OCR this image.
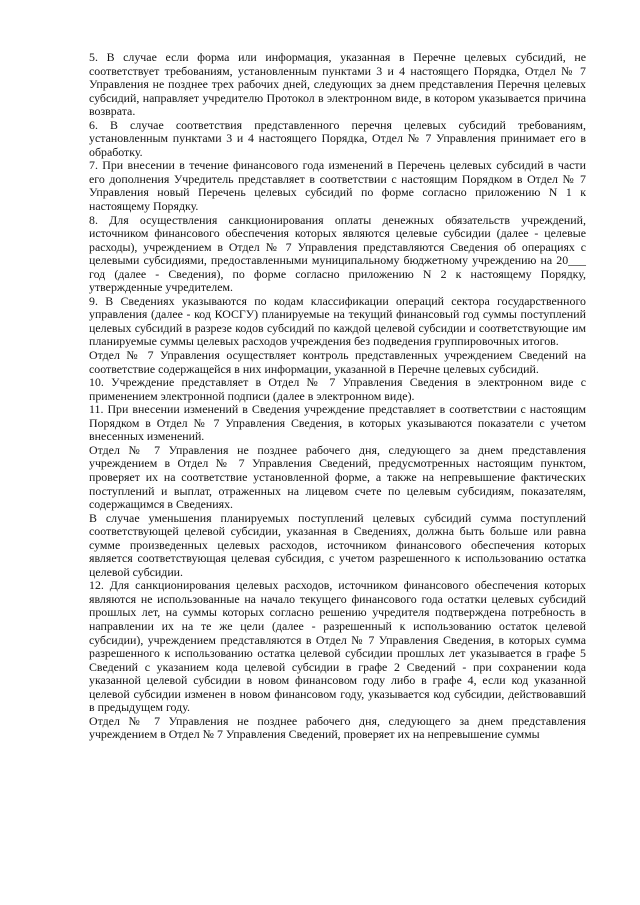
5. В случае если форма или информация, указанная в Перечне целевых субсидий, не соответствует требованиям, установленным пунктами 3 и 4 настоящего Порядка, Отдел № 7 Управления не позднее трех рабочих дней, следующих за днем представления Перечня целевых субсидий, направляет учредителю Протокол в электронном виде, в котором указывается причина возврата.

6. В случае соответствия представленного перечня целевых субсидий требованиям, установленным пунктами 3 и 4 настоящего Порядка, Отдел № 7 Управления принимает его в обработку.

7. При внесении в течение финансового года изменений в Перечень целевых субсидий в части его дополнения Учредитель представляет в соответствии с настоящим Порядком в Отдел № 7 Управления новый Перечень целевых субсидий по форме согласно приложению N 1 к настоящему Порядку.

8. Для осуществления санкционирования оплаты денежных обязательств учреждений, источником финансового обеспечения которых являются целевые субсидии (далее - целевые расходы), учреждением в Отдел № 7 Управления представляются Сведения об операциях с целевыми субсидиями, предоставленными муниципальному бюджетному учреждению на 20___ год (далее - Сведения), по форме согласно приложению N 2 к настоящему Порядку, утвержденные учредителем.

9. В Сведениях указываются по кодам классификации операций сектора государственного управления (далее - код КОСГУ) планируемые на текущий финансовый год суммы поступлений целевых субсидий в разрезе кодов субсидий по каждой целевой субсидии и соответствующие им планируемые суммы целевых расходов учреждения без подведения группировочных итогов.

Отдел № 7 Управления осуществляет контроль представленных учреждением Сведений на соответствие содержащейся в них информации, указанной в Перечне целевых субсидий.

10. Учреждение представляет в Отдел № 7 Управления Сведения в электронном виде с применением электронной подписи (далее в электронном виде).

11. При внесении изменений в Сведения учреждение представляет в соответствии с настоящим Порядком в Отдел № 7 Управления Сведения, в которых указываются показатели с учетом внесенных изменений.

Отдел № 7 Управления не позднее рабочего дня, следующего за днем представления учреждением в Отдел № 7 Управления Сведений, предусмотренных настоящим пунктом, проверяет их на соответствие установленной форме, а также на непревышение фактических поступлений и выплат, отраженных на лицевом счете по целевым субсидиям, показателям, содержащимся в Сведениях.

В случае уменьшения планируемых поступлений целевых субсидий сумма поступлений соответствующей целевой субсидии, указанная в Сведениях, должна быть больше или равна сумме произведенных целевых расходов, источником финансового обеспечения которых является соответствующая целевая субсидия, с учетом разрешенного к использованию остатка целевой субсидии.

12. Для санкционирования целевых расходов, источником финансового обеспечения которых являются не использованные на начало текущего финансового года остатки целевых субсидий прошлых лет, на суммы которых согласно решению учредителя подтверждена потребность в направлении их на те же цели (далее - разрешенный к использованию остаток целевой субсидии), учреждением представляются в Отдел № 7 Управления Сведения, в которых сумма разрешенного к использованию остатка целевой субсидии прошлых лет указывается в графе 5 Сведений с указанием кода целевой субсидии в графе 2 Сведений - при сохранении кода указанной целевой субсидии в новом финансовом году либо в графе 4, если код указанной целевой субсидии изменен в новом финансовом году, указывается код субсидии, действовавший в предыдущем году.

Отдел № 7 Управления не позднее рабочего дня, следующего за днем представления учреждением в Отдел № 7 Управления Сведений, проверяет их на непревышение суммы
